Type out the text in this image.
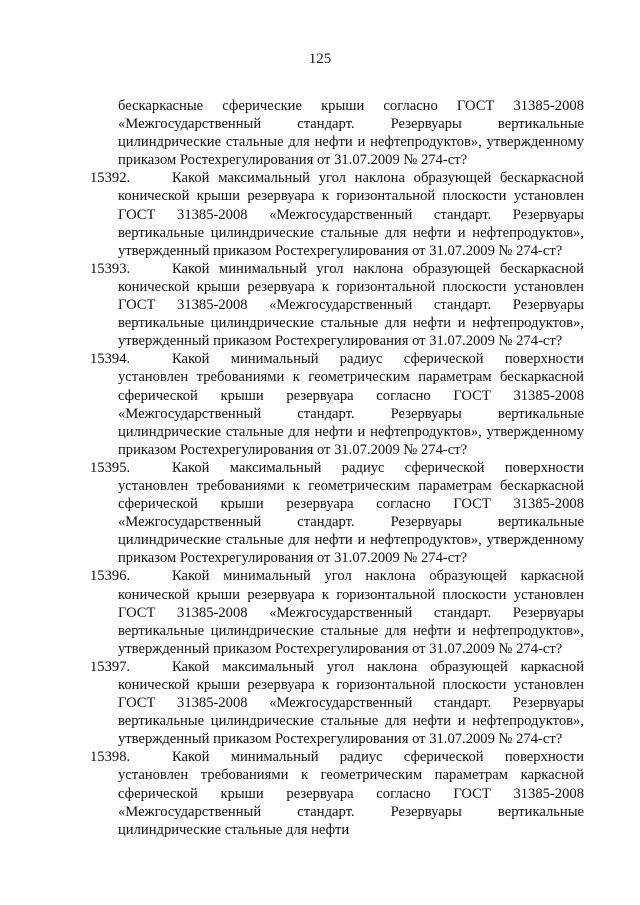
125

бескаркасные сферические крыши согласно ГОСТ 31385-2008 «Межгосударственный стандарт. Резервуары вертикальные цилиндрические стальные для нефти и нефтепродуктов», утвержденному приказом Ростехрегулирования от 31.07.2009 № 274-ст?

15392.	Какой максимальный угол наклона образующей бескаркасной конической крыши резервуара к горизонтальной плоскости установлен ГОСТ 31385-2008 «Межгосударственный стандарт. Резервуары вертикальные цилиндрические стальные для нефти и нефтепродуктов», утвержденный приказом Ростехрегулирования от 31.07.2009 № 274-ст?
15393.	Какой минимальный угол наклона образующей бескаркасной конической крыши резервуара к горизонтальной плоскости установлен ГОСТ 31385-2008 «Межгосударственный стандарт. Резервуары вертикальные цилиндрические стальные для нефти и нефтепродуктов», утвержденный приказом Ростехрегулирования от 31.07.2009 № 274-ст?
15394.	Какой минимальный радиус сферической поверхности установлен требованиями к геометрическим параметрам бескаркасной сферической крыши резервуара согласно ГОСТ 31385-2008 «Межгосударственный стандарт. Резервуары вертикальные цилиндрические стальные для нефти и нефтепродуктов», утвержденному приказом Ростехрегулирования от 31.07.2009 № 274-ст?
15395.	Какой максимальный радиус сферической поверхности установлен требованиями к геометрическим параметрам бескаркасной сферической крыши резервуара согласно ГОСТ 31385-2008 «Межгосударственный стандарт. Резервуары вертикальные цилиндрические стальные для нефти и нефтепродуктов», утвержденному приказом Ростехрегулирования от 31.07.2009 № 274-ст?
15396.	Какой минимальный угол наклона образующей каркасной конической крыши резервуара к горизонтальной плоскости установлен ГОСТ 31385-2008 «Межгосударственный стандарт. Резервуары вертикальные цилиндрические стальные для нефти и нефтепродуктов», утвержденный приказом Ростехрегулирования от 31.07.2009 № 274-ст?
15397.	Какой максимальный угол наклона образующей каркасной конической крыши резервуара к горизонтальной плоскости установлен ГОСТ 31385-2008 «Межгосударственный стандарт. Резервуары вертикальные цилиндрические стальные для нефти и нефтепродуктов», утвержденный приказом Ростехрегулирования от 31.07.2009 № 274-ст?
15398.	Какой минимальный радиус сферической поверхности установлен требованиями к геометрическим параметрам каркасной сферической крыши резервуара согласно ГОСТ 31385-2008 «Межгосударственный стандарт. Резервуары вертикальные цилиндрические стальные для нефти
